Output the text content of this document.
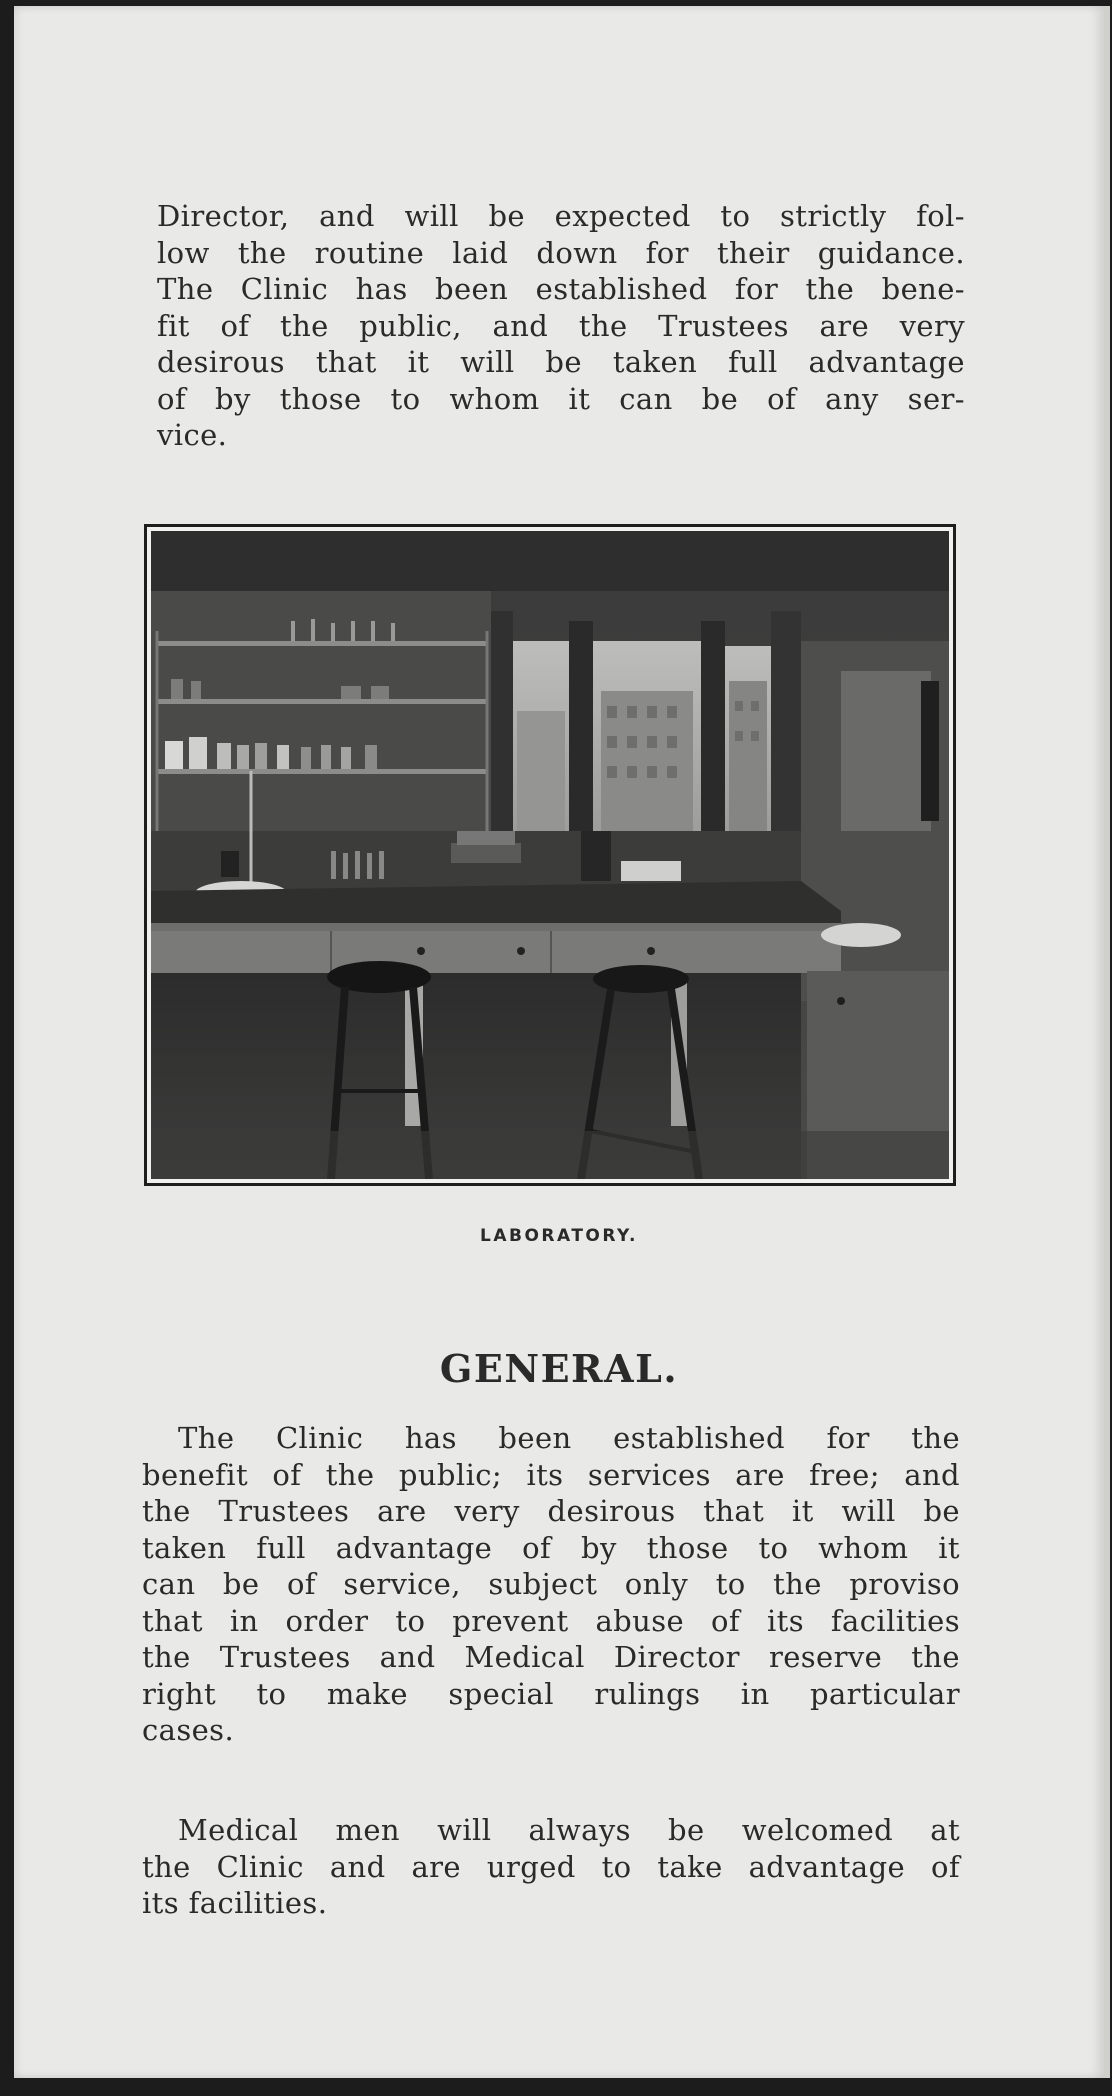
Director, and will be expected to strictly fol-
low the routine laid down for their guidance.
The Clinic has been established for the bene-
fit of the public, and the Trustees are very
desirous that it will be taken full advantage
of by those to whom it can be of any ser-
vice.
LABORATORY.
GENERAL.
The Clinic has been established for the
benefit of the public; its services are free; and
the Trustees are very desirous that it will be
taken full advantage of by those to whom it
can be of service, subject only to the proviso
that in order to prevent abuse of its facilities
the Trustees and Medical Director reserve the
right to make special rulings in particular
cases.
Medical men will always be welcomed at
the Clinic and are urged to take advantage of
its facilities.
